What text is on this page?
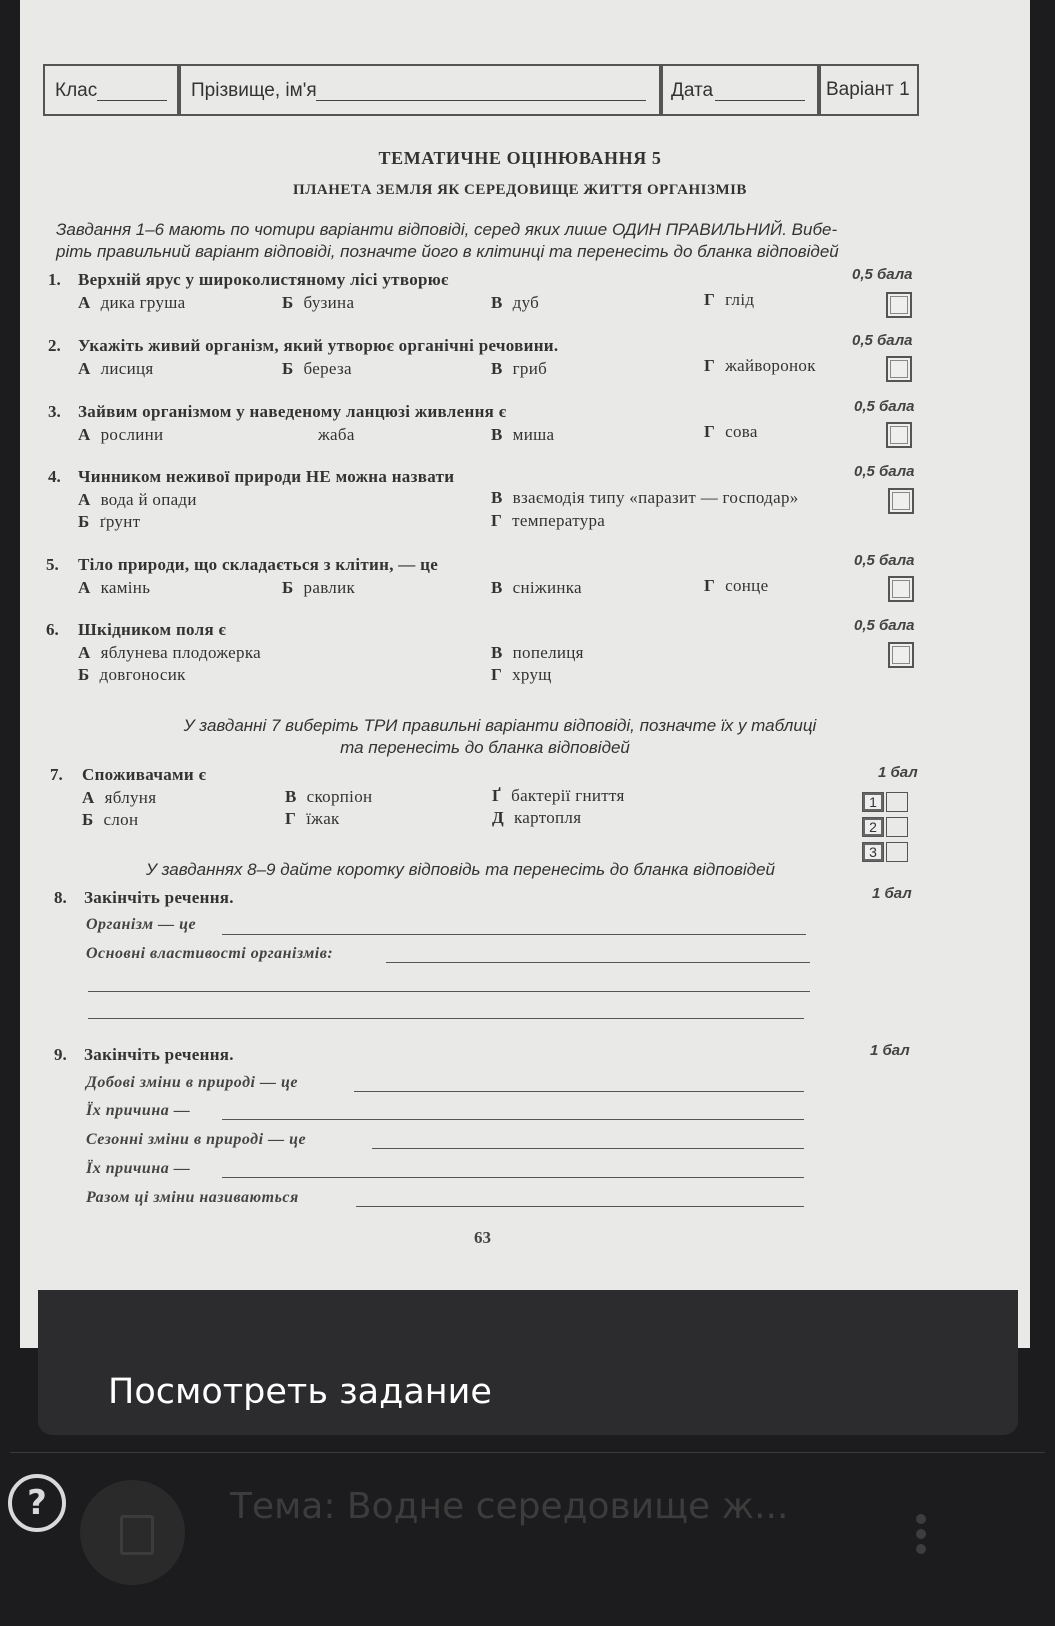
Клас	Прізвище, ім'я	Дата	Варіант 1
ТЕМАТИЧНЕ ОЦІНЮВАННЯ 5
ПЛАНЕТА ЗЕМЛЯ ЯК СЕРЕДОВИЩЕ ЖИТТЯ ОРГАНІЗМІВ
Завдання 1–6 мають по чотири варіанти відповіді, серед яких лише ОДИН ПРАВИЛЬНИЙ. Вибе-
ріть правильний варіант відповіді, позначте його в клітинці та перенесіть до бланка відповідей
1. Верхній ярус у широколистяному лісі утворює	0,5 бала
А дика груша	Б бузина	В дуб	Г глід
2. Укажіть живий організм, який утворює органічні речовини.	0,5 бала
А лисиця	Б береза	В гриб	Г жайворонок
3. Зайвим організмом у наведеному ланцюзі живлення є	0,5 бала
А рослини	жаба	В миша	Г сова
4. Чинником неживої природи НЕ можна назвати	0,5 бала
А вода й опади
Б ґрунт
В взаємодія типу «паразит — господар»
Г температура
5. Тіло природи, що складається з клітин, — це	0,5 бала
А камінь	Б равлик	В сніжинка	Г сонце
6. Шкідником поля є	0,5 бала
А яблунева плодожерка
Б довгоносик
В попелиця
Г хрущ
У завданні 7 виберіть ТРИ правильні варіанти відповіді, позначте їх у таблиці
та перенесіть до бланка відповідей
7. Споживачами є	1 бал
А яблуня
Б слон
В скорпіон
Г їжак
Ґ бактерії гниття
Д картопля
1
2
3
У завданнях 8–9 дайте коротку відповідь та перенесіть до бланка відповідей
8. Закінчіть речення.	1 бал
Організм — це
Основні властивості організмів:
9. Закінчіть речення.	1 бал
Добові зміни в природі — це
Їх причина —
Сезонні зміни в природі — це
Їх причина —
Разом ці зміни називаються
63
Посмотреть задание
?	Тема: Водне середовище ж...
